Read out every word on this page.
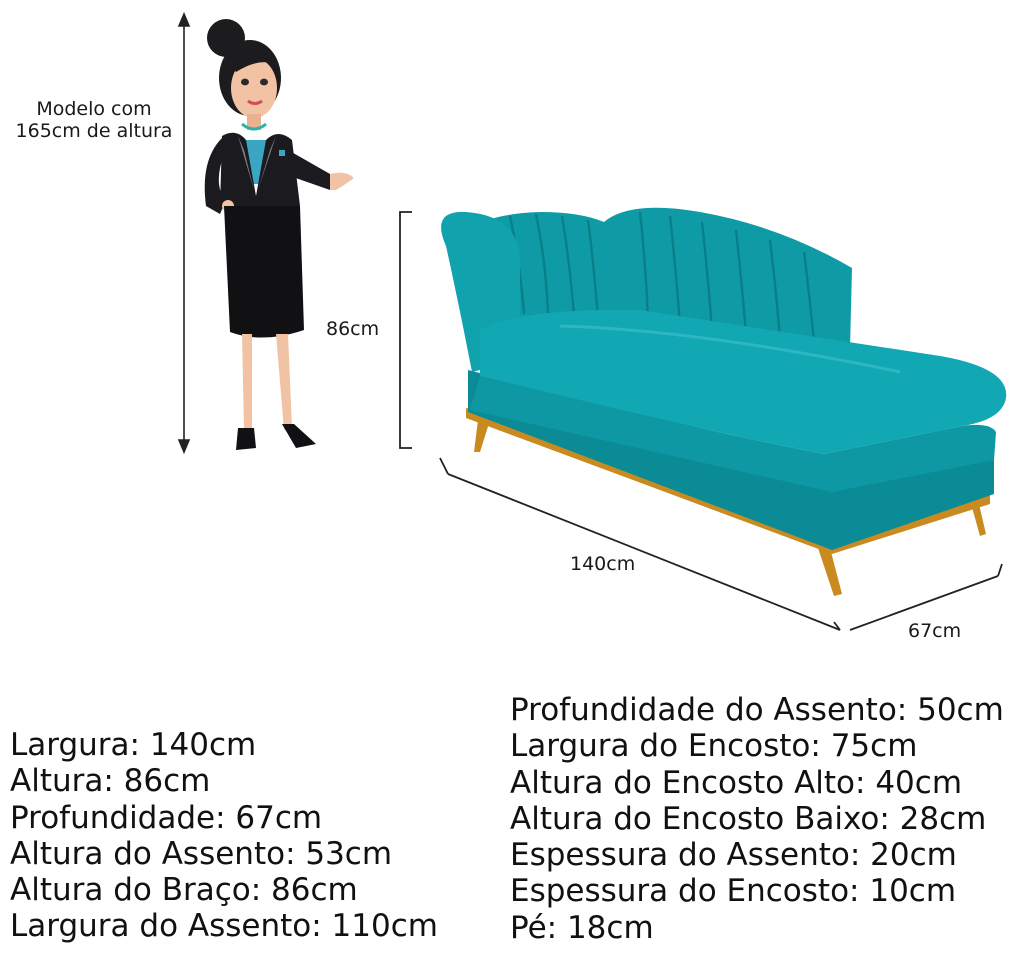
Modelo com
165cm de altura
86cm
140cm
67cm
Largura: 140cm
Altura: 86cm
Profundidade: 67cm
Altura do Assento: 53cm
Altura do Braço: 86cm
Largura do Assento: 110cm
Profundidade do Assento: 50cm
Largura do Encosto: 75cm
Altura do Encosto Alto: 40cm
Altura do Encosto Baixo: 28cm
Espessura do Assento: 20cm
Espessura do Encosto: 10cm
Pé: 18cm
